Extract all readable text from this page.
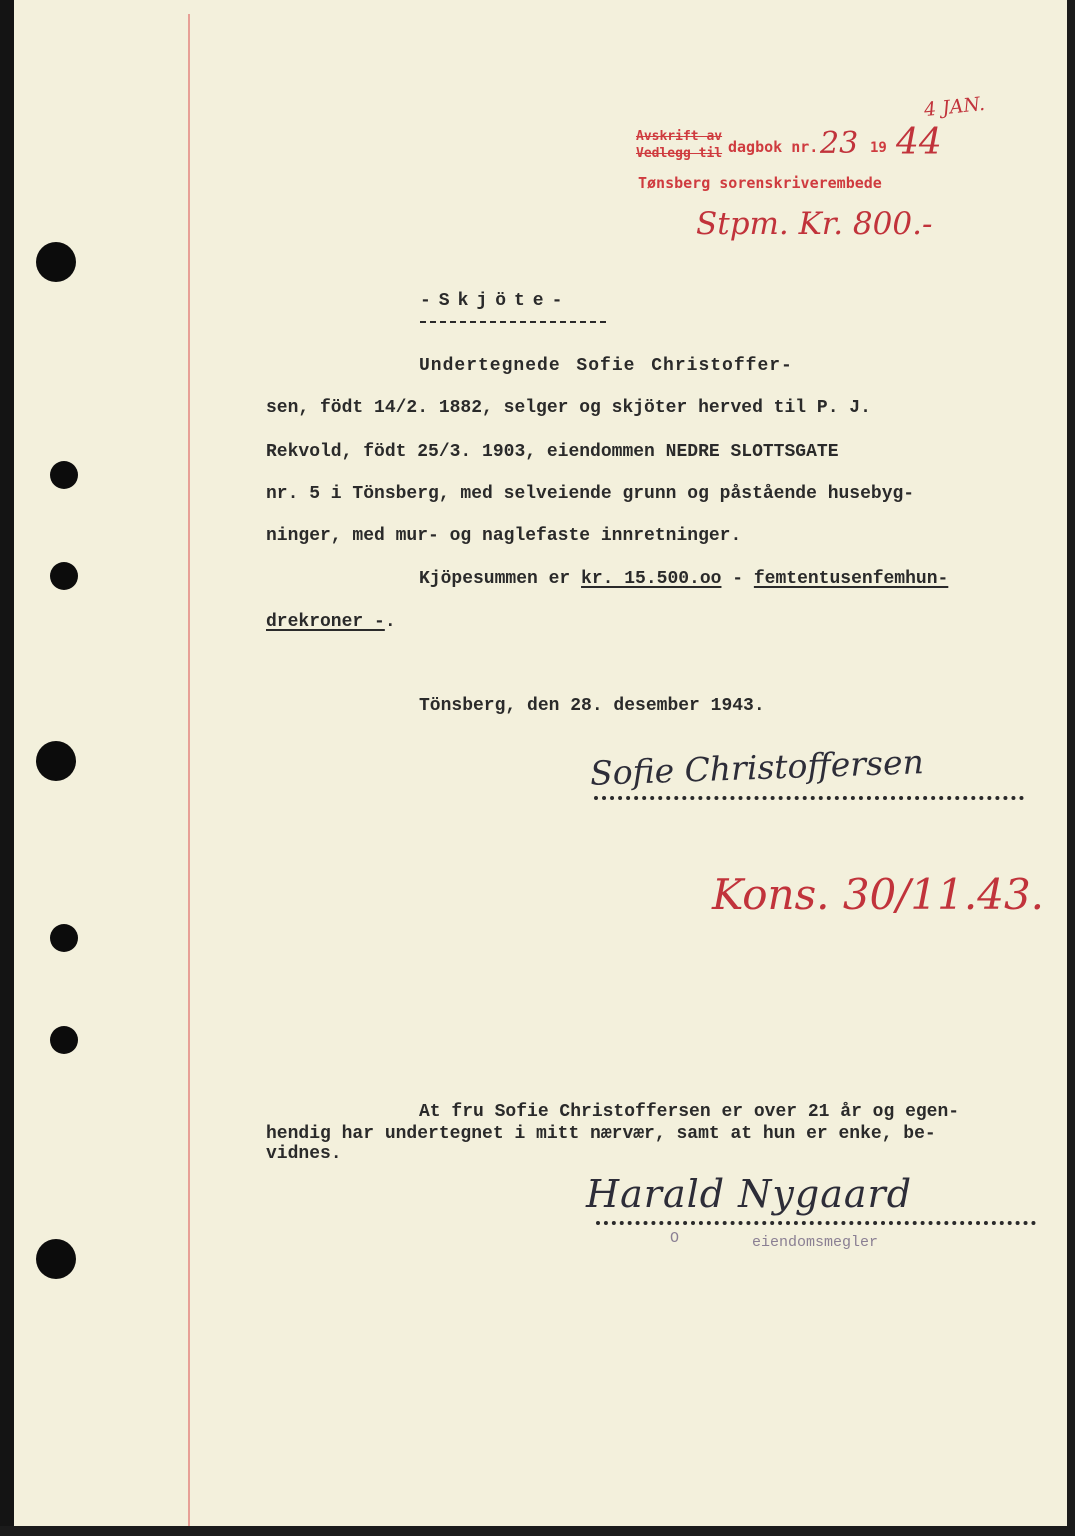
Avskrift av
Vedlegg til dagbok nr. 23 19 44
4 JAN.
Tønsberg sorenskriverembede
Stpm. Kr. 800.-
-Skjöte-
Undertegnede Sofie Christoffer-
sen, födt 14/2. 1882, selger og skjöter herved til P. J.
Rekvold, födt 25/3. 1903, eiendommen NEDRE SLOTTSGATE
nr. 5 i Tönsberg, med selveiende grunn og påstående husebyg-
ninger, med mur- og naglefaste innretninger.
Kjöpesummen er kr. 15.500.oo - femtentusenfemhun-
drekroner -.
Tönsberg, den 28. desember 1943.
Sofie Christoffersen
Kons. 30/11.43.
At fru Sofie Christoffersen er over 21 år og egen-
hendig har undertegnet i mitt nærvær, samt at hun er enke, be-
vidnes.
Harald Nygaard
O	eiendomsmegler
